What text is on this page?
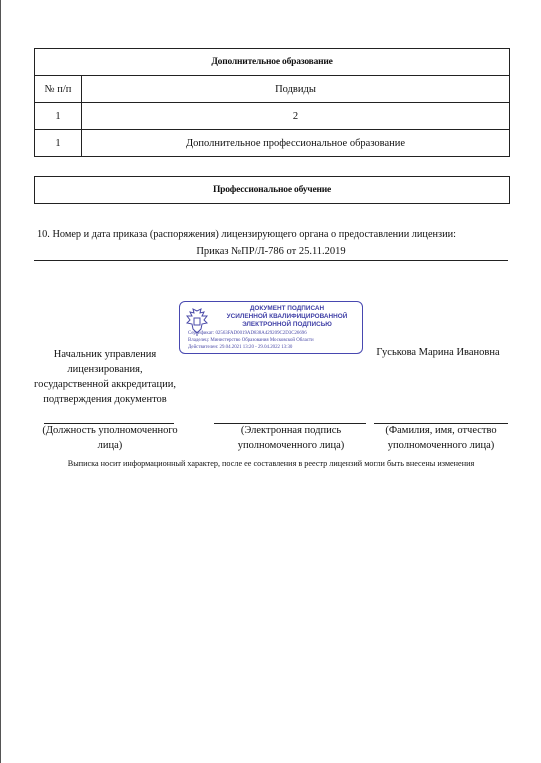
Дополнительное образование	
№ п/п	Подвиды
1	2
1	Дополнительное профессиональное образование
Профессиональное обучение
10. Номер и дата приказа (распоряжения) лицензирующего органа о предоставлении лицензии:
Приказ №ПР/Л-786 от 25.11.2019
ДОКУМЕНТ ПОДПИСАН
УСИЛЕННОЙ КВАЛИФИЦИРОВАННОЙ
ЭЛЕКТРОННОЙ ПОДПИСЬЮ
Сертификат: 02563FAD0019AD838A429209C2D3C26696
Владелец: Министерство Образования Московской Области
Действителен: 29.04.2021 13:20 - 29.04.2022 13:30
Начальник управления лицензирования, государственной аккредитации, подтверждения документов
Гуськова Марина Ивановна
(Должность уполномоченного лица)
(Электронная подпись уполномоченного лица)
(Фамилия, имя, отчество уполномоченного лица)
Выписка носит информационный характер, после ее составления в реестр лицензий могли быть внесены изменения
